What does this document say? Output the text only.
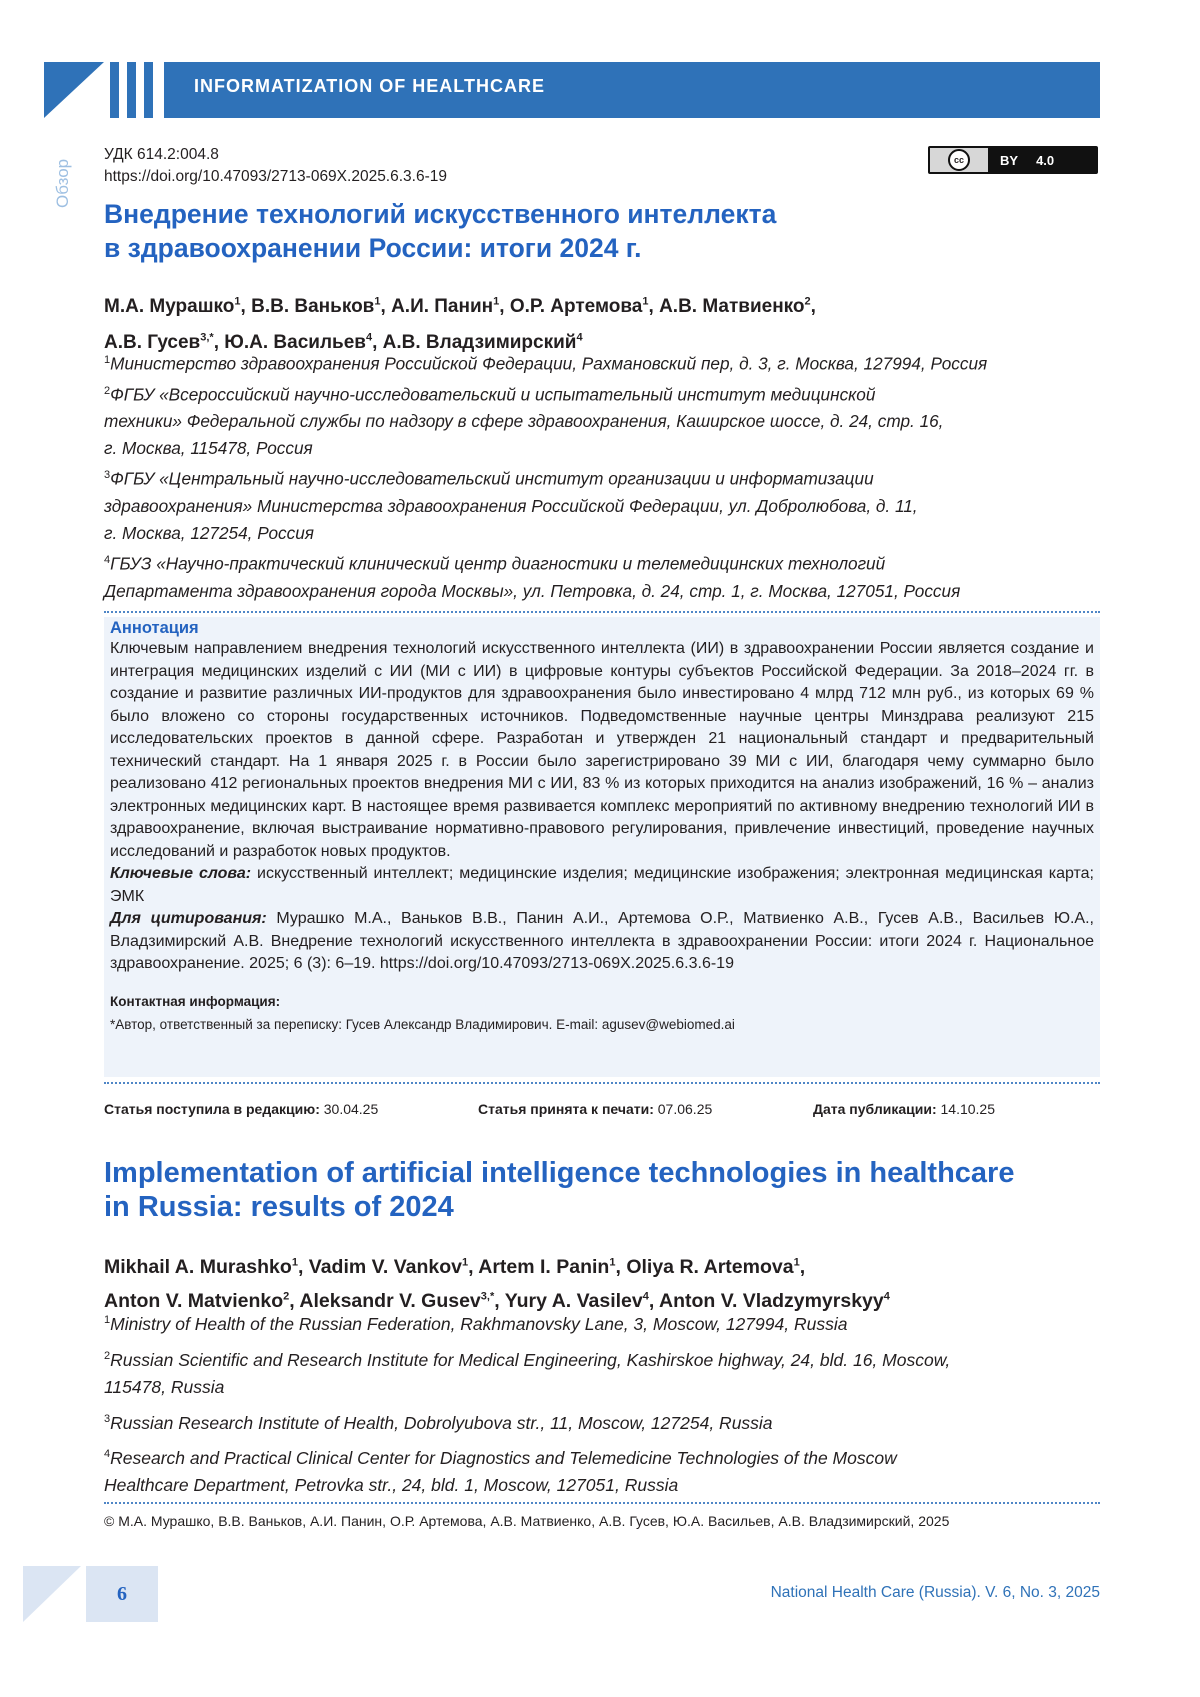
INFORMATIZATION OF HEALTHCARE
Обзор
УДК 614.2:004.8
https://doi.org/10.47093/2713-069X.2025.6.3.6-19
cc	BY 4.0
Внедрение технологий искусственного интеллекта
в здравоохранении России: итоги 2024 г.
М.А. Мурашко1, В.В. Ваньков1, А.И. Панин1, О.Р. Артемова1, А.В. Матвиенко2,
А.В. Гусев3,*, Ю.А. Васильев4, А.В. Владзимирский4
1Министерство здравоохранения Российской Федерации, Рахмановский пер, д. 3, г. Москва, 127994, Россия
2ФГБУ «Всероссийский научно-исследовательский и испытательный институт медицинской
техники» Федеральной службы по надзору в сфере здравоохранения, Каширское шоссе, д. 24, стр. 16,
г. Москва, 115478, Россия
3ФГБУ «Центральный научно-исследовательский институт организации и информатизации
здравоохранения» Министерства здравоохранения Российской Федерации, ул. Добролюбова, д. 11,
г. Москва, 127254, Россия
4ГБУЗ «Научно-практический клинический центр диагностики и телемедицинских технологий
Департамента здравоохранения города Москвы», ул. Петровка, д. 24, стр. 1, г. Москва, 127051, Россия
Аннотация
Ключевым направлением внедрения технологий искусственного интеллекта (ИИ) в здравоохранении России является создание и интеграция медицинских изделий с ИИ (МИ с ИИ) в цифровые контуры субъектов Российской Федерации. За 2018–2024 гг. в создание и развитие различных ИИ-продуктов для здравоохранения было инвестировано 4 млрд 712 млн руб., из которых 69 % было вложено со стороны государственных источников. Подведомственные научные центры Минздрава реализуют 215 исследовательских проектов в данной сфере. Разработан и утвержден 21 национальный стандарт и предварительный технический стандарт. На 1 января 2025 г. в России было зарегистрировано 39 МИ с ИИ, благодаря чему суммарно было реализовано 412 региональных проектов внедрения МИ с ИИ, 83 % из которых приходится на анализ изображений, 16 % – анализ электронных медицинских карт. В настоящее время развивается комплекс мероприятий по активному внедрению технологий ИИ в здравоохранение, включая выстраивание нормативно-правового регулирования, привлечение инвестиций, проведение научных исследований и разработок новых продуктов.
Ключевые слова: искусственный интеллект; медицинские изделия; медицинские изображения; электронная медицинская карта; ЭМК
Для цитирования: Мурашко М.А., Ваньков В.В., Панин А.И., Артемова О.Р., Матвиенко А.В., Гусев А.В., Васильев Ю.А., Владзимирский А.В. Внедрение технологий искусственного интеллекта в здравоохранении России: итоги 2024 г. Национальное здравоохранение. 2025; 6 (3): 6–19. https://doi.org/10.47093/2713-069X.2025.6.3.6-19
Контактная информация:
*Автор, ответственный за переписку: Гусев Александр Владимирович. E-mail: agusev@webiomed.ai
Статья поступила в редакцию: 30.04.25	Статья принята к печати: 07.06.25	Дата публикации: 14.10.25
Implementation of artificial intelligence technologies in healthcare
in Russia: results of 2024
Mikhail A. Murashko1, Vadim V. Vankov1, Artem I. Panin1, Oliya R. Artemova1,
Anton V. Matvienko2, Aleksandr V. Gusev3,*, Yury A. Vasilev4, Anton V. Vladzymyrskyy4
1Ministry of Health of the Russian Federation, Rakhmanovsky Lane, 3, Moscow, 127994, Russia
2Russian Scientific and Research Institute for Medical Engineering, Kashirskoe highway, 24, bld. 16, Moscow,
115478, Russia
3Russian Research Institute of Health, Dobrolyubova str., 11, Moscow, 127254, Russia
4Research and Practical Clinical Center for Diagnostics and Telemedicine Technologies of the Moscow
Healthcare Department, Petrovka str., 24, bld. 1, Moscow, 127051, Russia
© М.А. Мурашко, В.В. Ваньков, А.И. Панин, О.Р. Артемова, А.В. Матвиенко, А.В. Гусев, Ю.А. Васильев, А.В. Владзимирский, 2025
6	National Health Care (Russia). V. 6, No. 3, 2025
